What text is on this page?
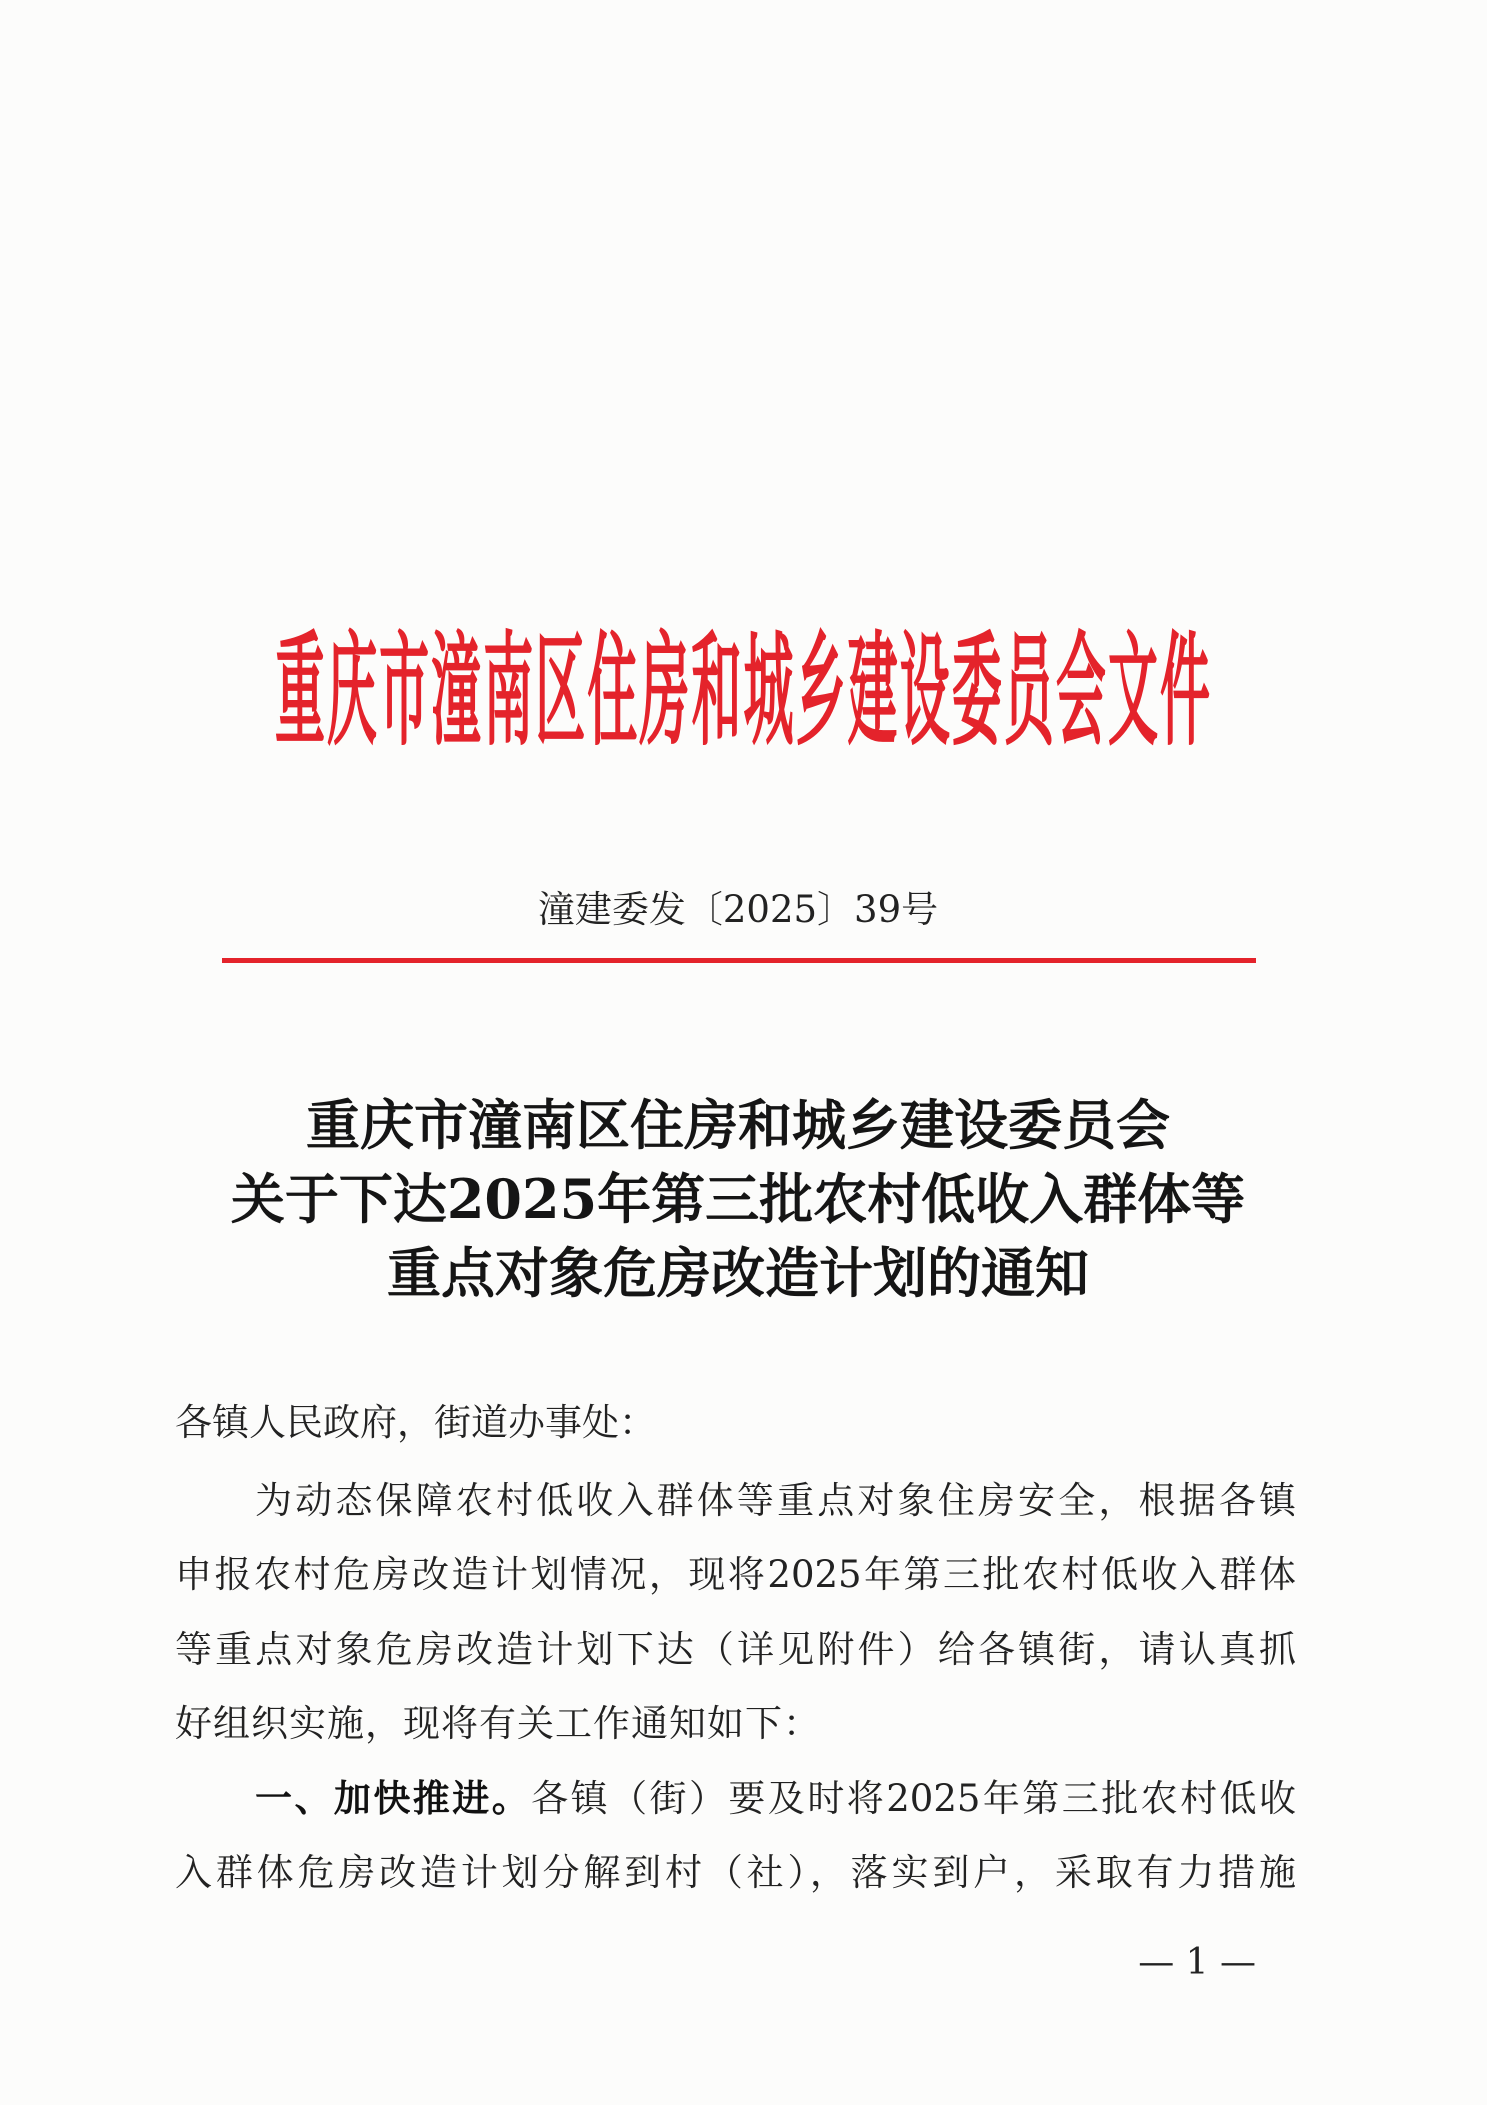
重庆市潼南区住房和城乡建设委员会文件
潼建委发〔2025〕39号
重庆市潼南区住房和城乡建设委员会
关于下达2025年第三批农村低收入群体等
重点对象危房改造计划的通知
各镇人民政府，街道办事处：
为动态保障农村低收入群体等重点对象住房安全，根据各镇
申报农村危房改造计划情况，现将2025年第三批农村低收入群体
等重点对象危房改造计划下达（详见附件）给各镇街，请认真抓
好组织实施，现将有关工作通知如下：
一、加快推进。各镇（街）要及时将2025年第三批农村低收
入群体危房改造计划分解到村（社），落实到户，采取有力措施
— 1 —
